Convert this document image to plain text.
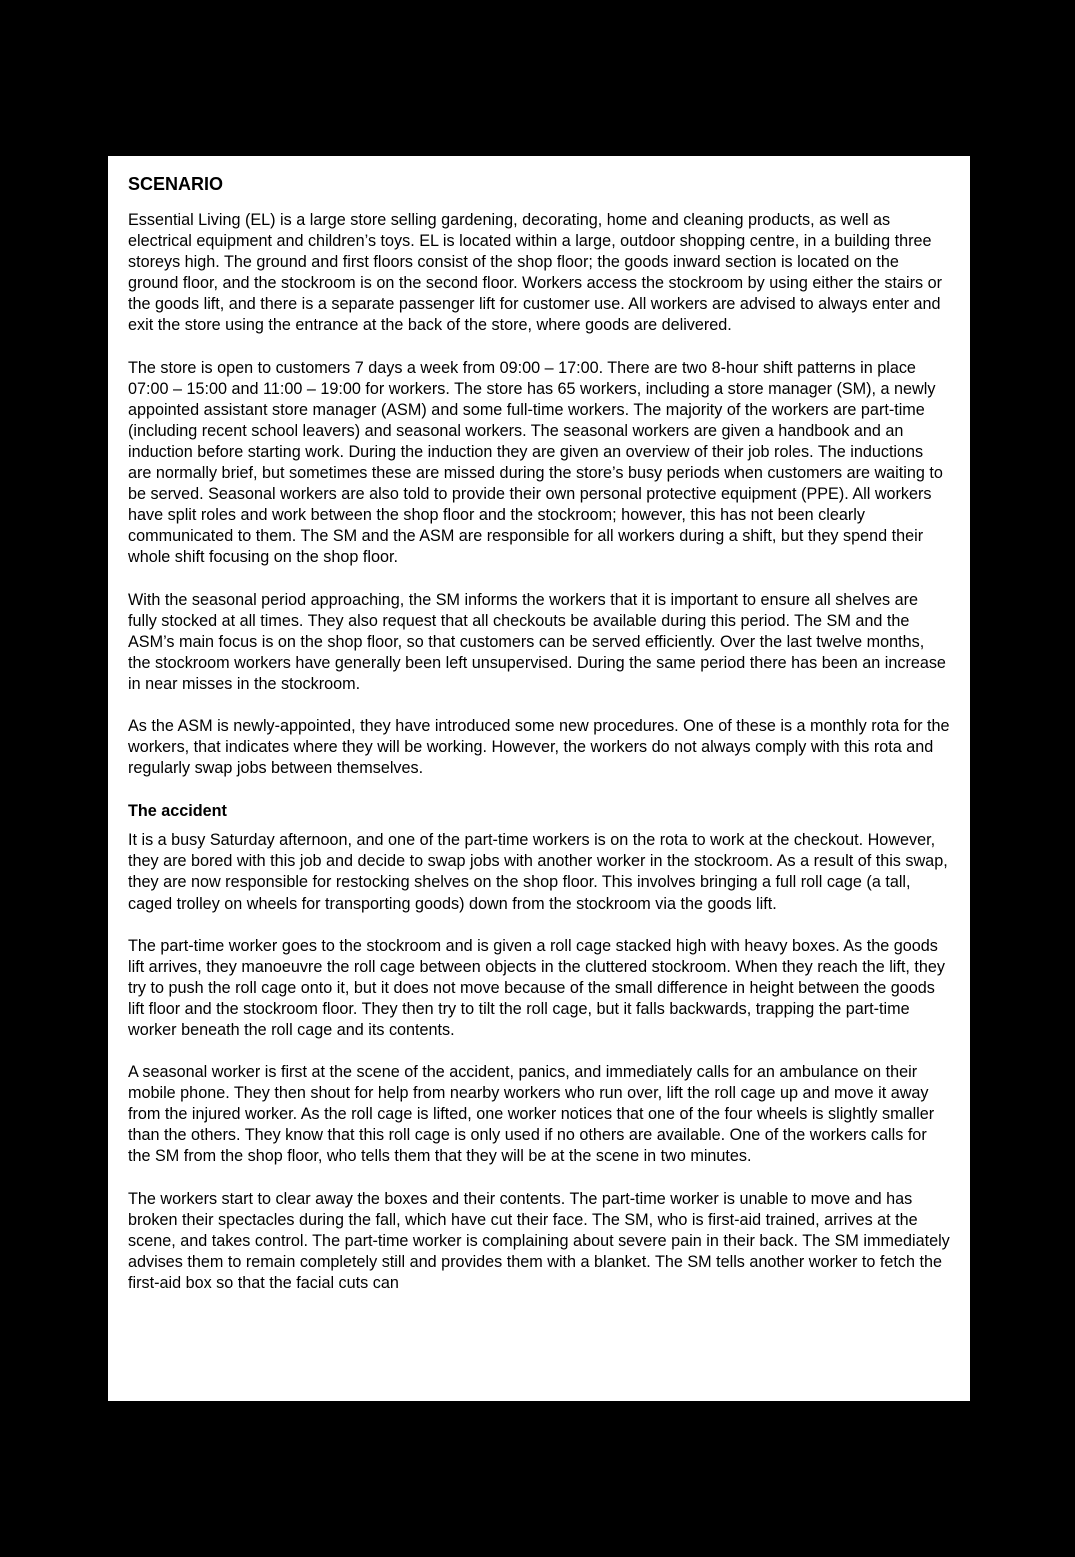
SCENARIO

Essential Living (EL) is a large store selling gardening, decorating, home and cleaning products, as well as electrical equipment and children’s toys. EL is located within a large, outdoor shopping centre, in a building three storeys high. The ground and first floors consist of the shop floor; the goods inward section is located on the ground floor, and the stockroom is on the second floor. Workers access the stockroom by using either the stairs or the goods lift, and there is a separate passenger lift for customer use. All workers are advised to always enter and exit the store using the entrance at the back of the store, where goods are delivered.

The store is open to customers 7 days a week from 09:00 – 17:00. There are two 8-hour shift patterns in place 07:00 – 15:00 and 11:00 – 19:00 for workers. The store has 65 workers, including a store manager (SM), a newly appointed assistant store manager (ASM) and some full-time workers. The majority of the workers are part-time (including recent school leavers) and seasonal workers. The seasonal workers are given a handbook and an induction before starting work. During the induction they are given an overview of their job roles. The inductions are normally brief, but sometimes these are missed during the store’s busy periods when customers are waiting to be served. Seasonal workers are also told to provide their own personal protective equipment (PPE). All workers have split roles and work between the shop floor and the stockroom; however, this has not been clearly communicated to them. The SM and the ASM are responsible for all workers during a shift, but they spend their whole shift focusing on the shop floor.

With the seasonal period approaching, the SM informs the workers that it is important to ensure all shelves are fully stocked at all times. They also request that all checkouts be available during this period. The SM and the ASM’s main focus is on the shop floor, so that customers can be served efficiently. Over the last twelve months, the stockroom workers have generally been left unsupervised. During the same period there has been an increase in near misses in the stockroom.

As the ASM is newly-appointed, they have introduced some new procedures. One of these is a monthly rota for the workers, that indicates where they will be working. However, the workers do not always comply with this rota and regularly swap jobs between themselves.

The accident

It is a busy Saturday afternoon, and one of the part-time workers is on the rota to work at the checkout. However, they are bored with this job and decide to swap jobs with another worker in the stockroom. As a result of this swap, they are now responsible for restocking shelves on the shop floor. This involves bringing a full roll cage (a tall, caged trolley on wheels for transporting goods) down from the stockroom via the goods lift.

The part-time worker goes to the stockroom and is given a roll cage stacked high with heavy boxes. As the goods lift arrives, they manoeuvre the roll cage between objects in the cluttered stockroom. When they reach the lift, they try to push the roll cage onto it, but it does not move because of the small difference in height between the goods lift floor and the stockroom floor. They then try to tilt the roll cage, but it falls backwards, trapping the part-time worker beneath the roll cage and its contents.

A seasonal worker is first at the scene of the accident, panics, and immediately calls for an ambulance on their mobile phone. They then shout for help from nearby workers who run over, lift the roll cage up and move it away from the injured worker. As the roll cage is lifted, one worker notices that one of the four wheels is slightly smaller than the others. They know that this roll cage is only used if no others are available. One of the workers calls for the SM from the shop floor, who tells them that they will be at the scene in two minutes.

The workers start to clear away the boxes and their contents. The part-time worker is unable to move and has broken their spectacles during the fall, which have cut their face. The SM, who is first-aid trained, arrives at the scene, and takes control. The part-time worker is complaining about severe pain in their back. The SM immediately advises them to remain completely still and provides them with a blanket. The SM tells another worker to fetch the first-aid box so that the facial cuts can
